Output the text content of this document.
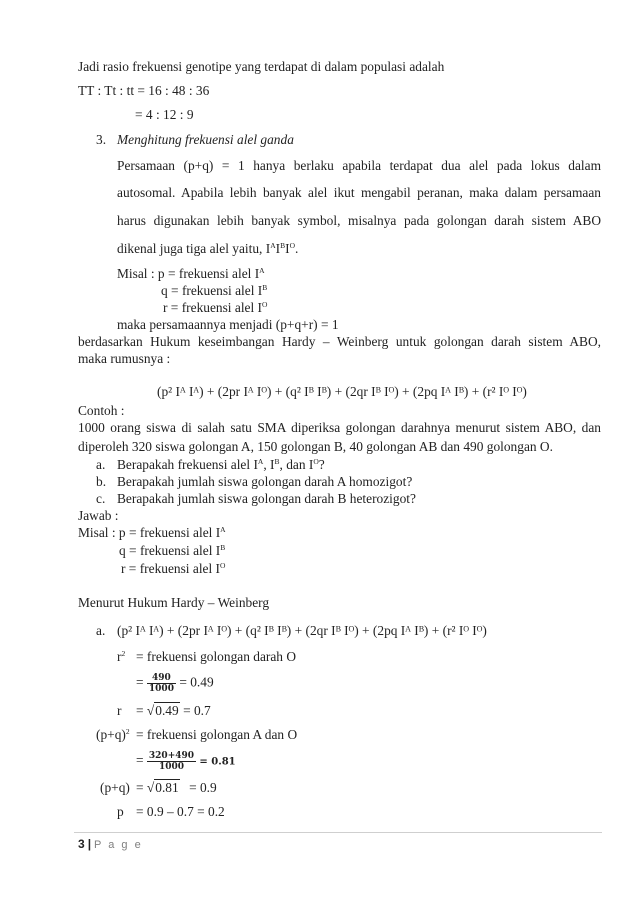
Jadi rasio frekuensi genotipe yang terdapat di dalam populasi adalah
TT : Tt : tt = 16 : 48 : 36
= 4 : 12 : 9
3. Menghitung frekuensi alel ganda
Persamaan (p+q) = 1 hanya berlaku apabila terdapat dua alel pada lokus dalam
autosomal. Apabila lebih banyak alel ikut mengabil peranan, maka dalam persamaan
harus digunakan lebih banyak symbol, misalnya pada golongan darah sistem ABO
dikenal juga tiga alel yaitu, $I^AI^BI^O$.
Misal : p = frekuensi alel $I^A$
q = frekuensi alel $I^B$
r = frekuensi alel $I^O$
maka persamaannya menjadi (p+q+r) = 1
berdasarkan Hukum keseimbangan Hardy – Weinberg untuk golongan darah sistem ABO,
maka rumusnya :
(p² Iᴬ Iᴬ) + (2pr Iᴬ Iᴼ) + (q² Iᴮ Iᴮ) + (2qr Iᴮ Iᴼ) + (2pq Iᴬ Iᴮ) + (r² Iᴼ Iᴼ)
Contoh :
1000 orang siswa di salah satu SMA diperiksa golongan darahnya menurut sistem ABO, dan
diperoleh 320 siswa golongan A, 150 golongan B, 40 golongan AB dan 490 golongan O.
a. Berapakah frekuensi alel $I^A$, $I^B$, dan $I^O$?
b. Berapakah jumlah siswa golongan darah A homozigot?
c. Berapakah jumlah siswa golongan darah B heterozigot?
Jawab :
Misal : p = frekuensi alel $I^A$
q = frekuensi alel $I^B$
r = frekuensi alel $I^O$
Menurut Hukum Hardy – Weinberg
a. (p² Iᴬ Iᴬ) + (2pr Iᴬ Iᴼ) + (q² Iᴮ Iᴮ) + (2qr Iᴮ Iᴼ) + (2pq Iᴬ Iᴮ) + (r² Iᴼ Iᴼ)
$r^2$ = frekuensi golongan darah O
= $\frac{490}{1000} = 0.49$
r = √0.49 = 0.7
$(p+q)^2$ = frekuensi golongan A dan O
= $\frac{320+490}{1000} = 0.81$
(p+q) = √0.81 = 0.9
p = 0.9 – 0.7 = 0.2
3 | P a g e
